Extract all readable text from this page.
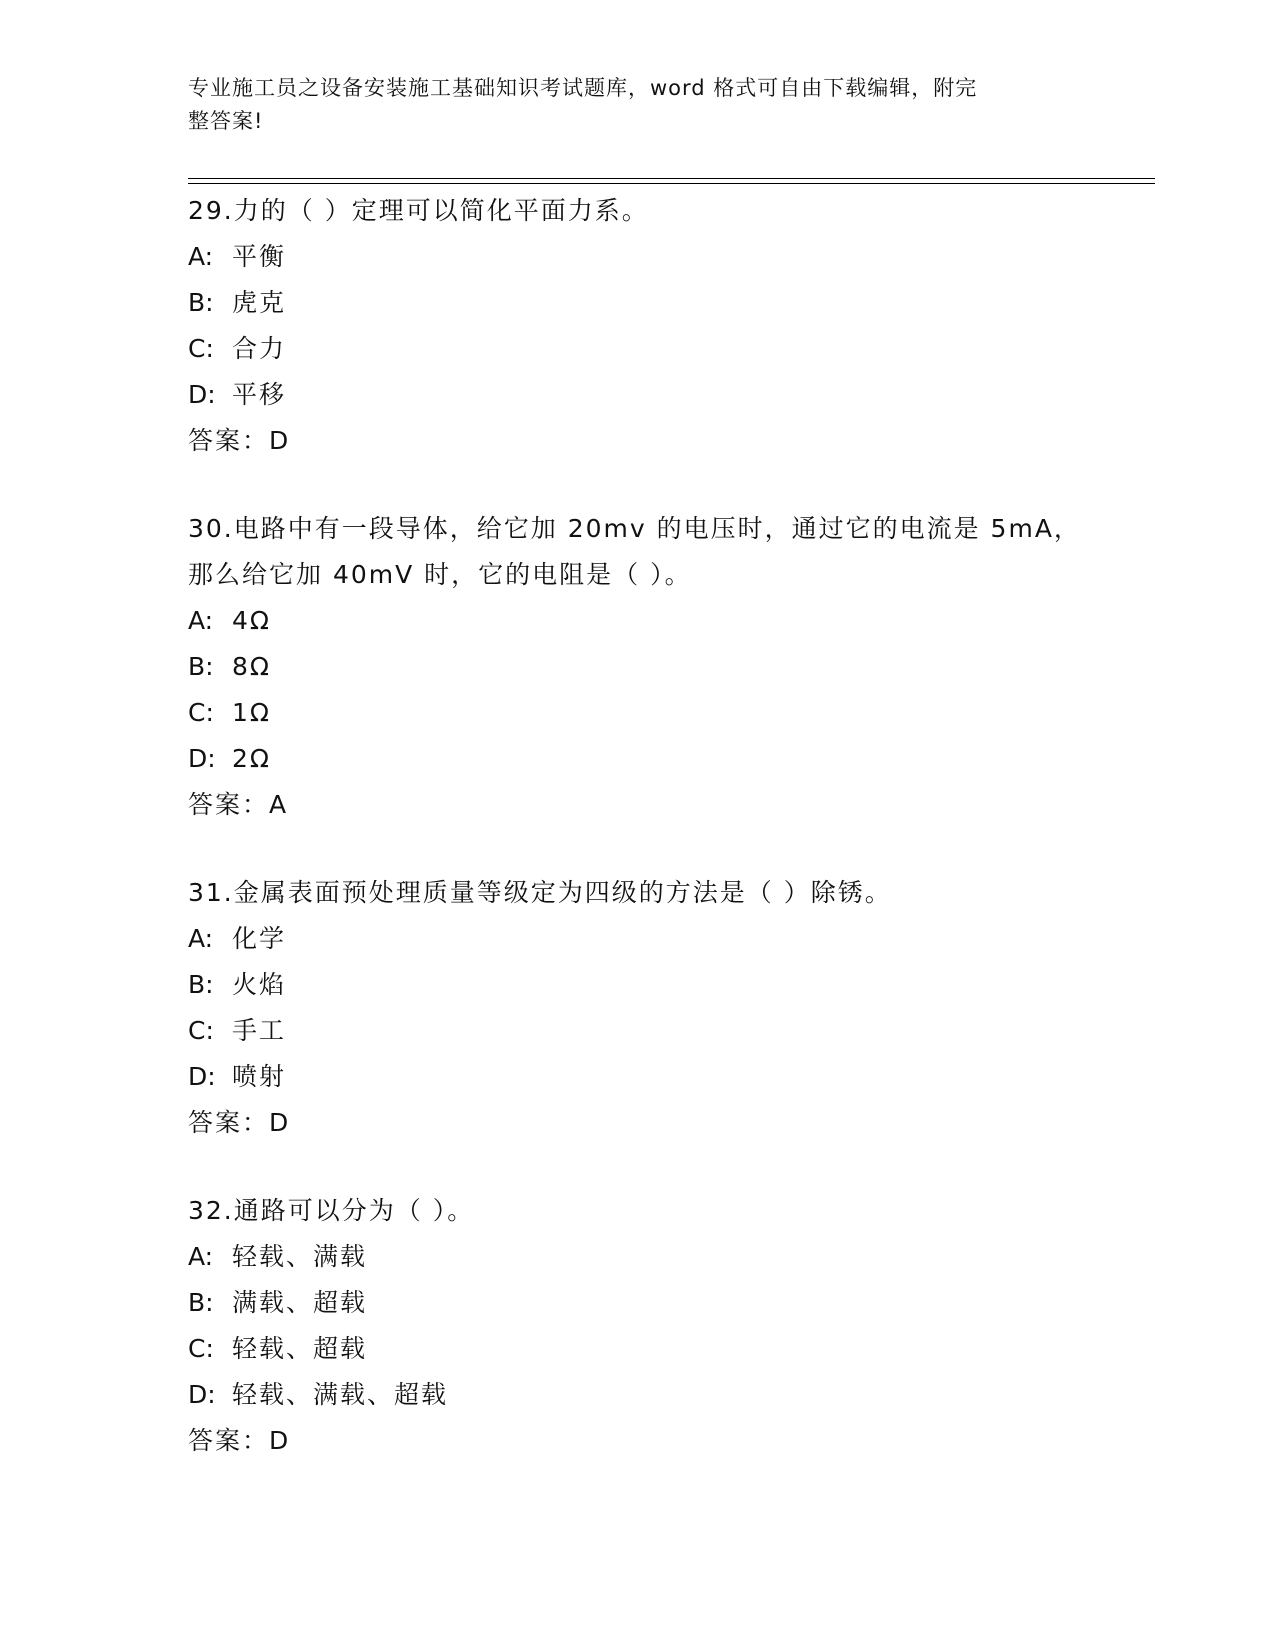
专业施工员之设备安装施工基础知识考试题库，word 格式可自由下载编辑，附完
整答案!
29.力的（ ）定理可以简化平面力系。
A: 平衡
B: 虎克
C: 合力
D: 平移
答案：D
30.电路中有一段导体，给它加 20mv 的电压时，通过它的电流是 5mA，
那么给它加 40mV 时，它的电阻是（ ）。
A: 4Ω
B: 8Ω
C: 1Ω
D: 2Ω
答案：A
31.金属表面预处理质量等级定为四级的方法是（ ）除锈。
A: 化学
B: 火焰
C: 手工
D: 喷射
答案：D
32.通路可以分为（ ）。
A: 轻载、满载
B: 满载、超载
C: 轻载、超载
D: 轻载、满载、超载
答案：D
